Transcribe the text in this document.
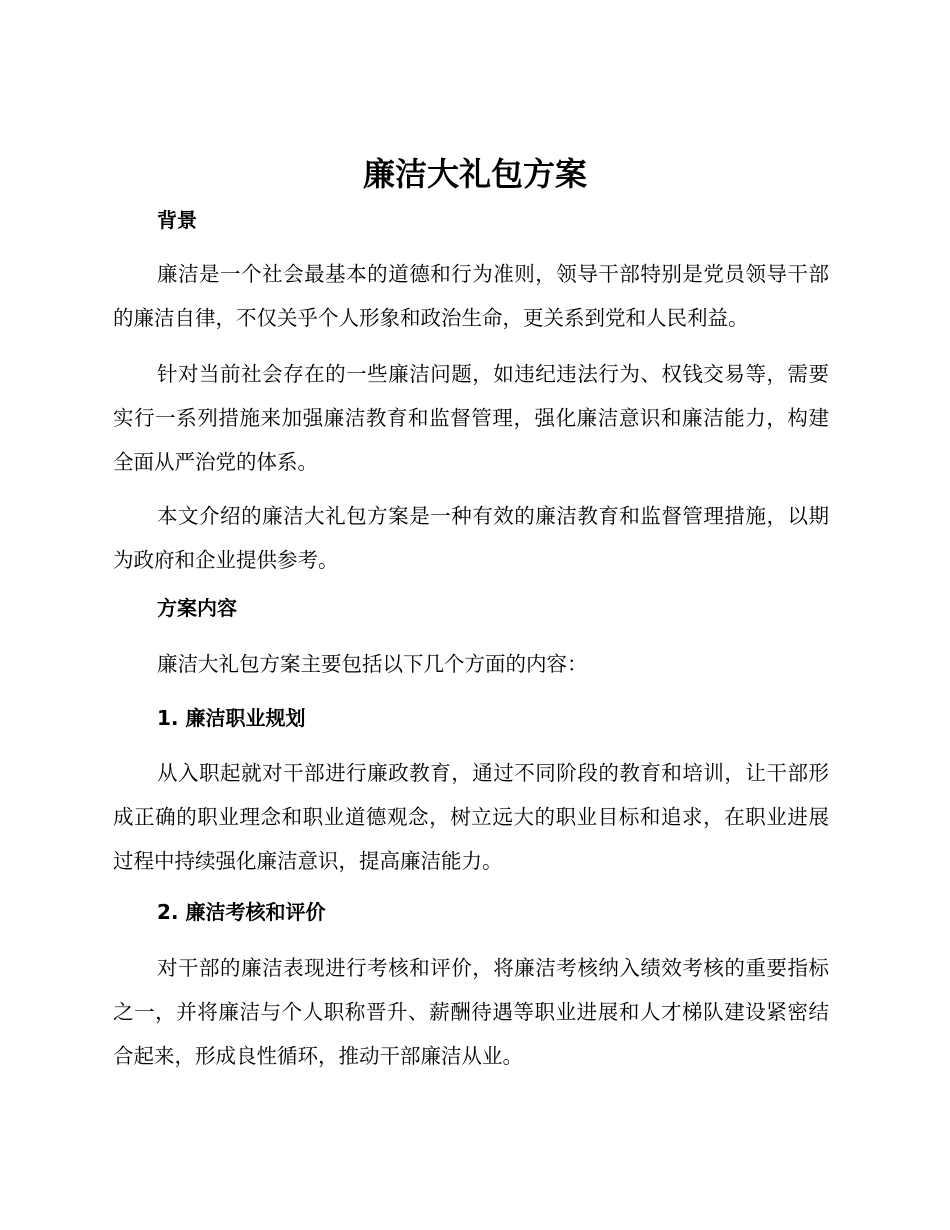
廉洁大礼包方案
背景

廉洁是一个社会最基本的道德和行为准则，领导干部特别是党员领导干部的廉洁自律，不仅关乎个人形象和政治生命，更关系到党和人民利益。

针对当前社会存在的一些廉洁问题，如违纪违法行为、权钱交易等，需要实行一系列措施来加强廉洁教育和监督管理，强化廉洁意识和廉洁能力，构建全面从严治党的体系。

本文介绍的廉洁大礼包方案是一种有效的廉洁教育和监督管理措施，以期为政府和企业提供参考。

方案内容

廉洁大礼包方案主要包括以下几个方面的内容：

1. 廉洁职业规划

从入职起就对干部进行廉政教育，通过不同阶段的教育和培训，让干部形成正确的职业理念和职业道德观念，树立远大的职业目标和追求，在职业进展过程中持续强化廉洁意识，提高廉洁能力。

2. 廉洁考核和评价

对干部的廉洁表现进行考核和评价，将廉洁考核纳入绩效考核的重要指标之一，并将廉洁与个人职称晋升、薪酬待遇等职业进展和人才梯队建设紧密结合起来，形成良性循环，推动干部廉洁从业。
